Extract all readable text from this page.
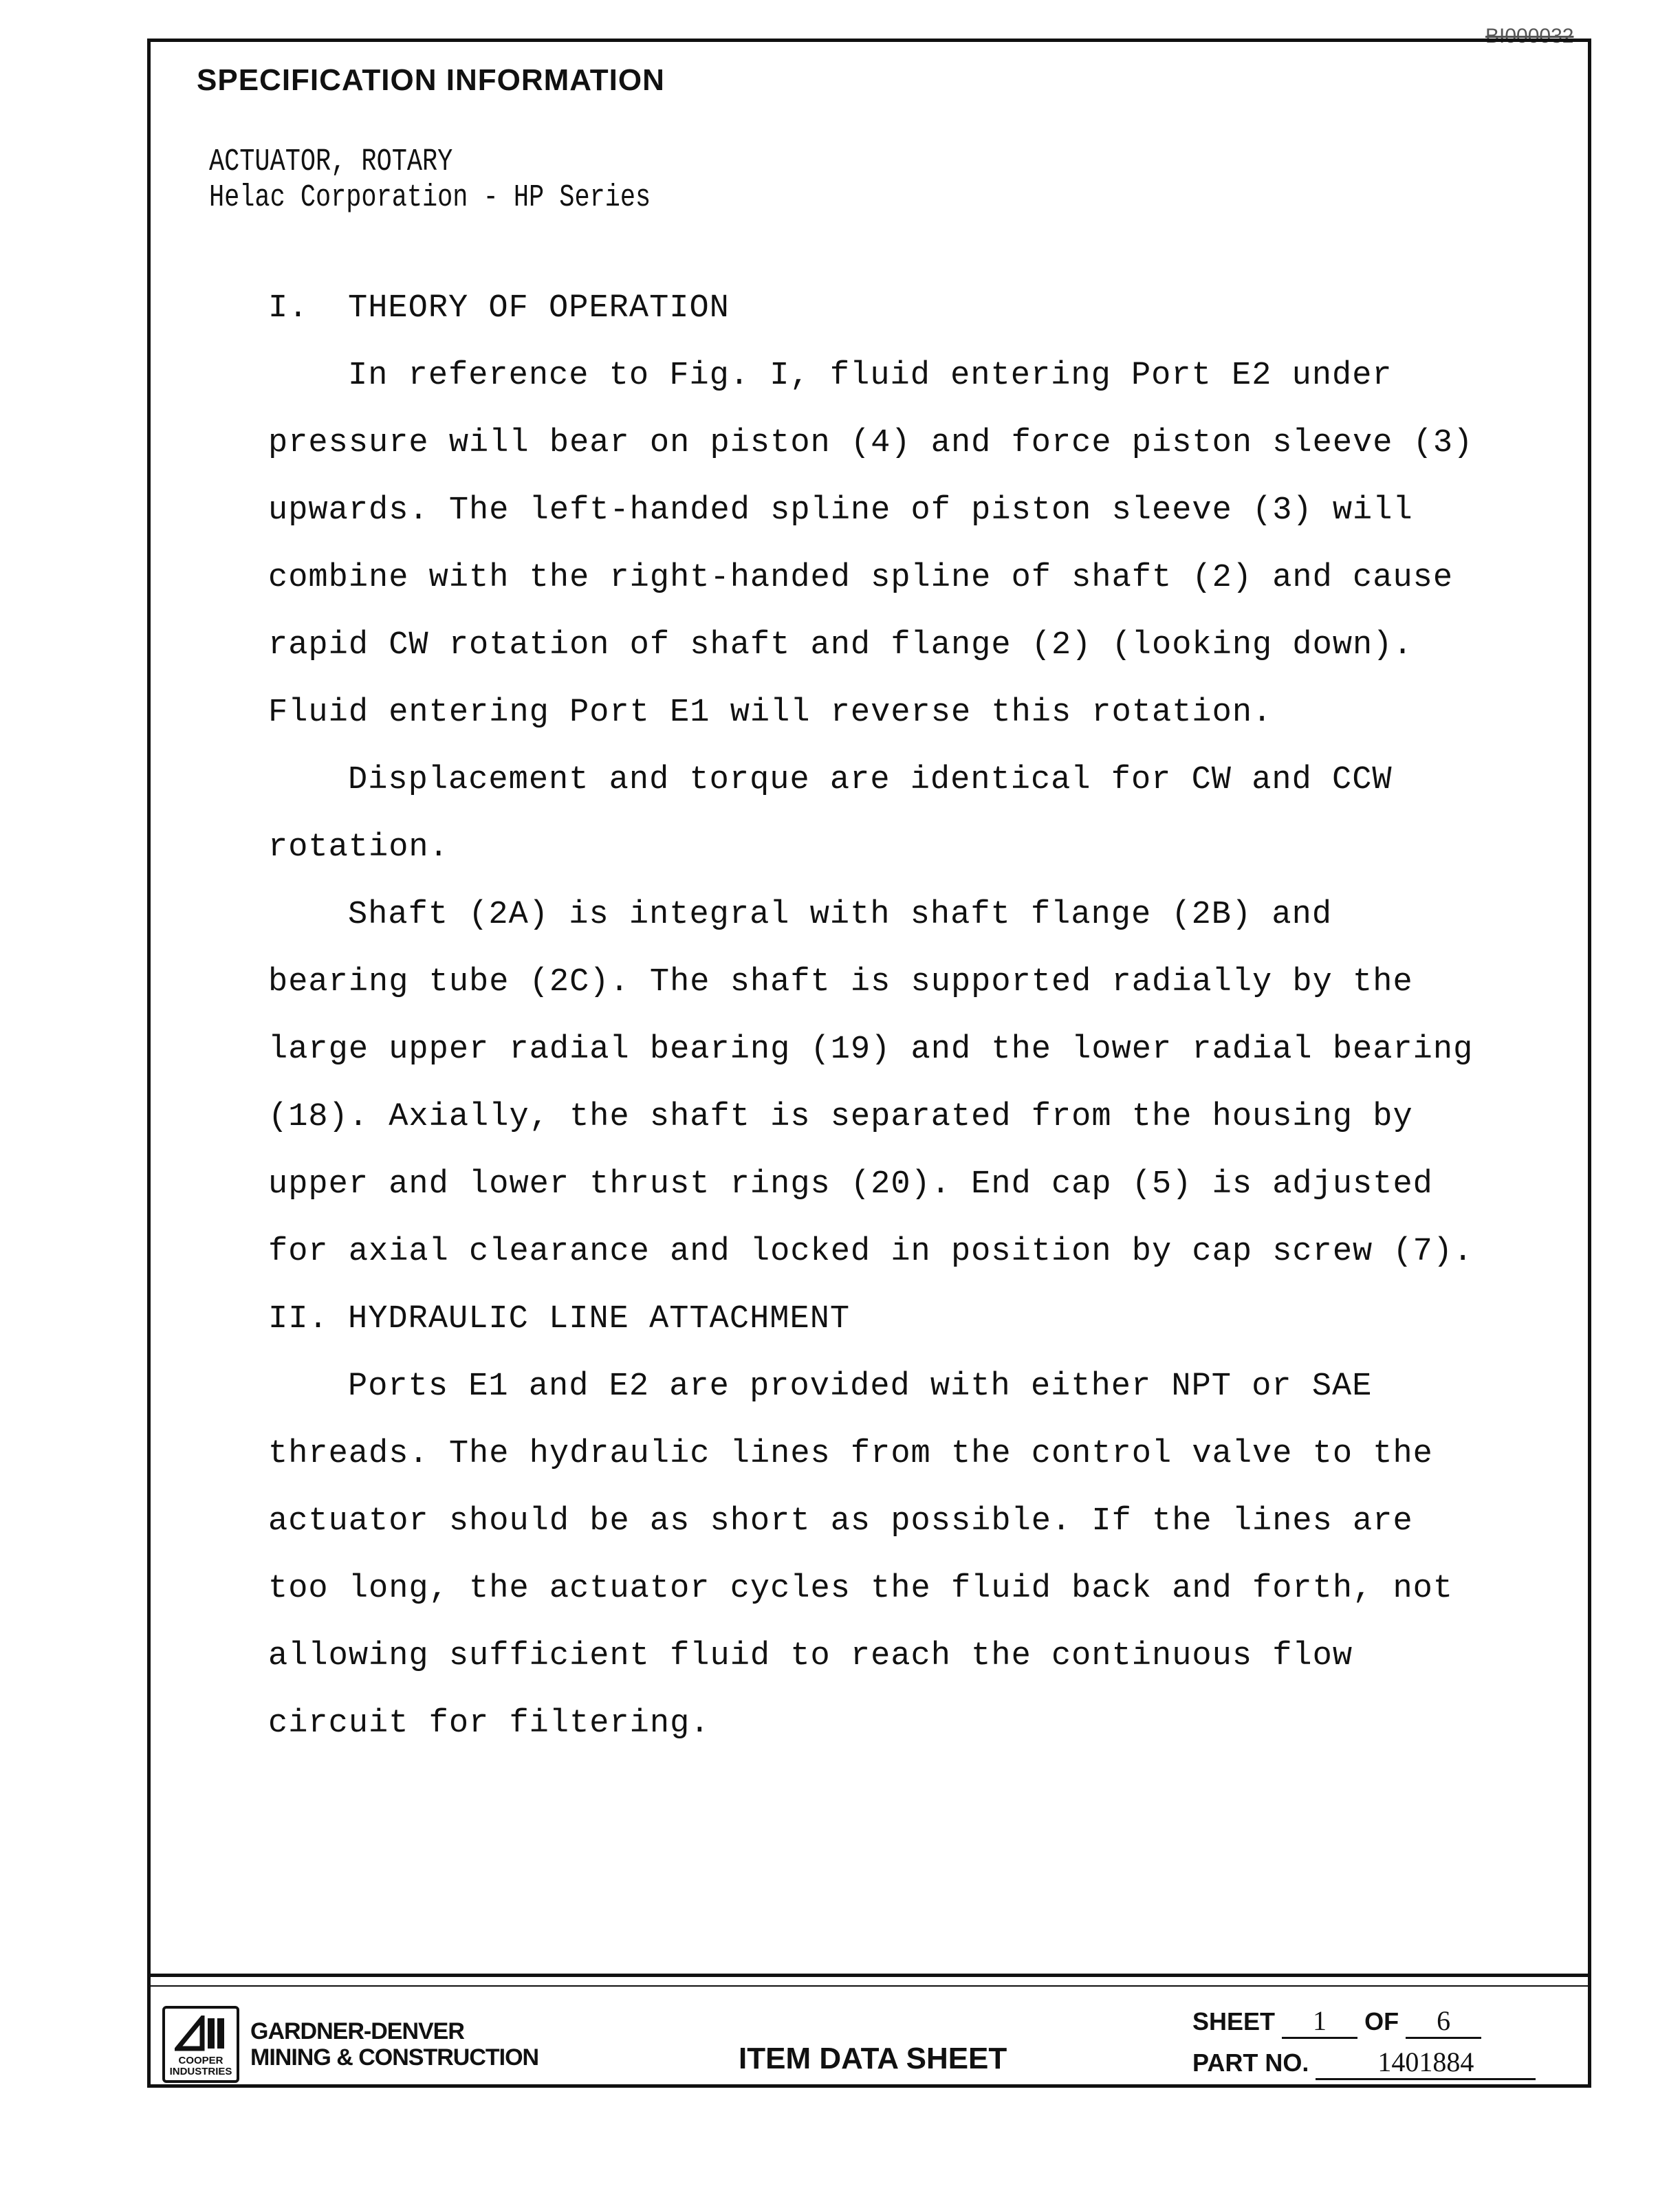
BI000032
SPECIFICATION INFORMATION
ACTUATOR, ROTARY
Helac Corporation - HP Series
I. THEORY OF OPERATION
In reference to Fig. I, fluid entering Port E2 under pressure will bear on piston (4) and force piston sleeve (3) upwards. The left-handed spline of piston sleeve (3) will combine with the right-handed spline of shaft (2) and cause rapid CW rotation of shaft and flange (2) (looking down). Fluid entering Port E1 will reverse this rotation.
Displacement and torque are identical for CW and CCW rotation.
Shaft (2A) is integral with shaft flange (2B) and bearing tube (2C). The shaft is supported radially by the large upper radial bearing (19) and the lower radial bearing (18). Axially, the shaft is separated from the housing by upper and lower thrust rings (20). End cap (5) is adjusted for axial clearance and locked in position by cap screw (7).
II. HYDRAULIC LINE ATTACHMENT
Ports E1 and E2 are provided with either NPT or SAE threads. The hydraulic lines from the control valve to the actuator should be as short as possible. If the lines are too long, the actuator cycles the fluid back and forth, not allowing sufficient fluid to reach the continuous flow circuit for filtering.
COOPER INDUSTRIES
GARDNER-DENVER
MINING & CONSTRUCTION	ITEM DATA SHEET
SHEET 1 OF 6
PART NO.	1401884
